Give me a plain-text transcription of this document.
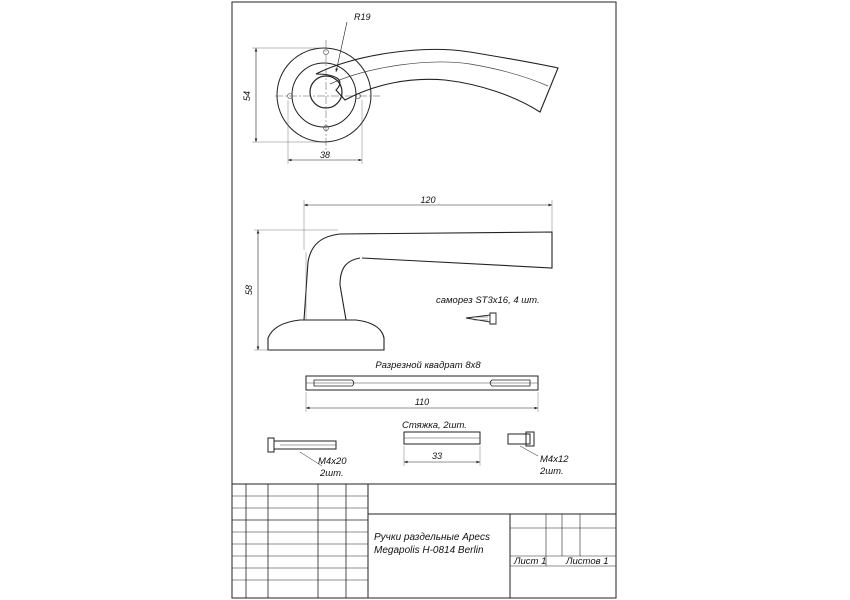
R19
54
38
120
58
саморез ST3x16, 4 шт.
Разрезной квадрат 8x8
110
M4x20
2шт.
Стяжка, 2шт.
33	M4x12
2шт.
Ручки раздельные Apecs
Megapolis H-0814 Berlin
Лист 1 Листов 1
